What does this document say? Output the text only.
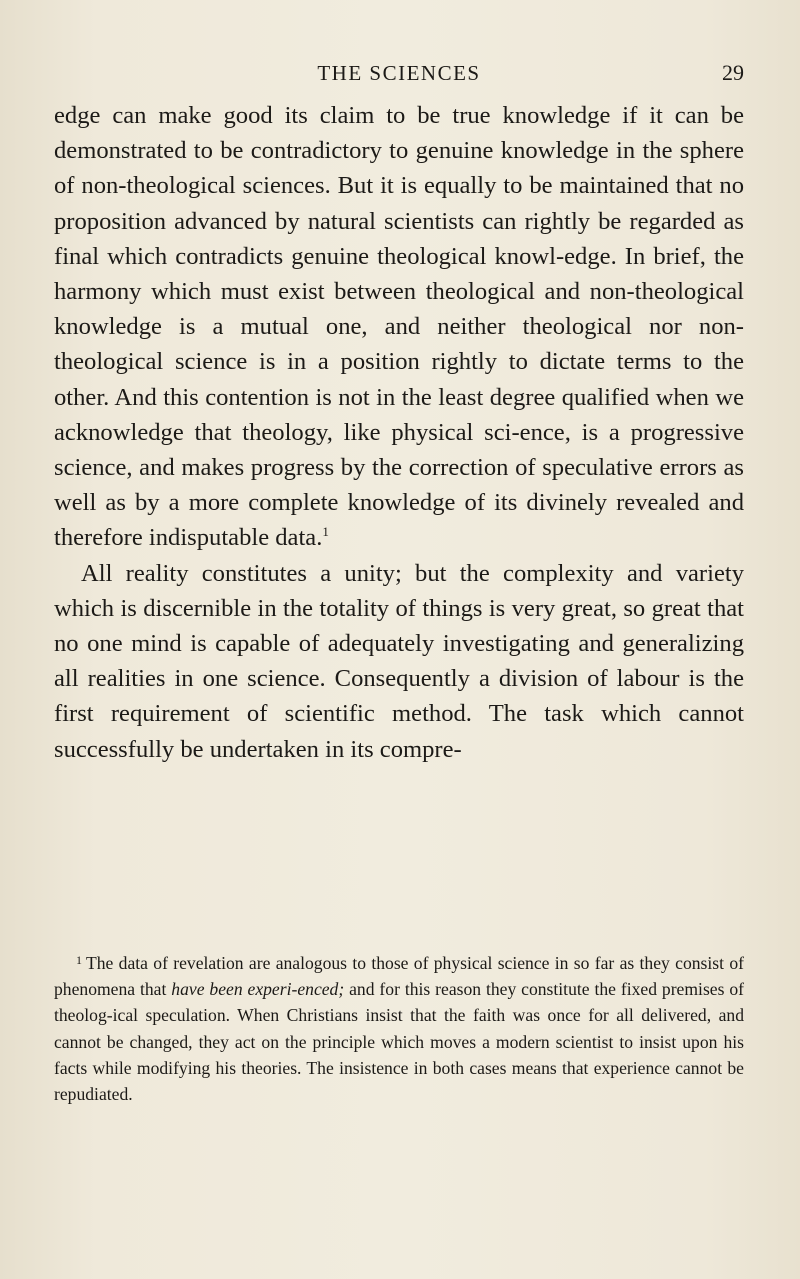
THE SCIENCES	29

edge can make good its claim to be true knowledge if it can be demonstrated to be contradictory to genuine knowledge in the sphere of non-theological sciences. But it is equally to be maintained that no proposition advanced by natural scientists can rightly be regarded as final which contradicts genuine theological knowl-edge. In brief, the harmony which must exist between theological and non-theological knowledge is a mutual one, and neither theological nor non-theological science is in a position rightly to dictate terms to the other. And this contention is not in the least degree qualified when we acknowledge that theology, like physical sci-ence, is a progressive science, and makes progress by the correction of speculative errors as well as by a more complete knowledge of its divinely revealed and therefore indisputable data.$^1$

All reality constitutes a unity; but the complexity and variety which is discernible in the totality of things is very great, so great that no one mind is capable of adequately investigating and generalizing all realities in one science. Consequently a division of labour is the first requirement of scientific method. The task which cannot successfully be undertaken in its compre-

$^1$ The data of revelation are analogous to those of physical science in so far as they consist of phenomena that have been experi-enced; and for this reason they constitute the fixed premises of theolog-ical speculation. When Christians insist that the faith was once for all delivered, and cannot be changed, they act on the principle which moves a modern scientist to insist upon his facts while modifying his theories. The insistence in both cases means that experience cannot be repudiated.
